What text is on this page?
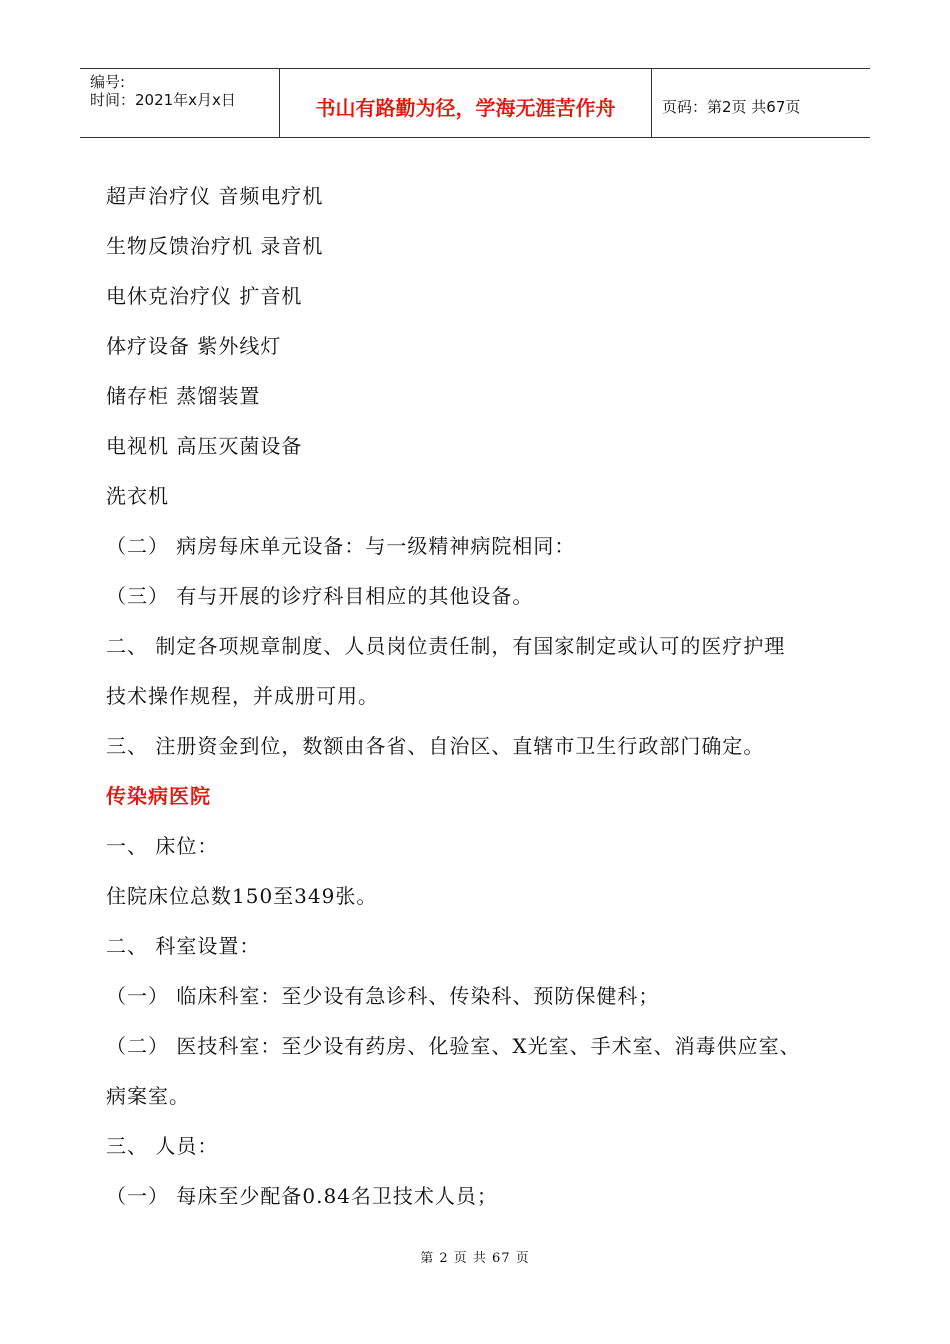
编号:
时间：2021年x月x日	书山有路勤为径，学海无涯苦作舟	页码：第2页 共67页
超声治疗仪 音频电疗机
生物反馈治疗机 录音机
电休克治疗仪 扩音机
体疗设备 紫外线灯
储存柜 蒸馏装置
电视机 高压灭菌设备
洗衣机
（二） 病房每床单元设备：与一级精神病院相同：
（三） 有与开展的诊疗科目相应的其他设备。
二、 制定各项规章制度、人员岗位责任制，有国家制定或认可的医疗护理
技术操作规程，并成册可用。
三、 注册资金到位，数额由各省、自治区、直辖市卫生行政部门确定。
传染病医院
一、 床位：
住院床位总数150至349张。
二、 科室设置：
（一） 临床科室：至少设有急诊科、传染科、预防保健科；
（二） 医技科室：至少设有药房、化验室、X光室、手术室、消毒供应室、
病案室。
三、 人员：
（一） 每床至少配备0.84名卫技术人员；
第 2 页 共 67 页
